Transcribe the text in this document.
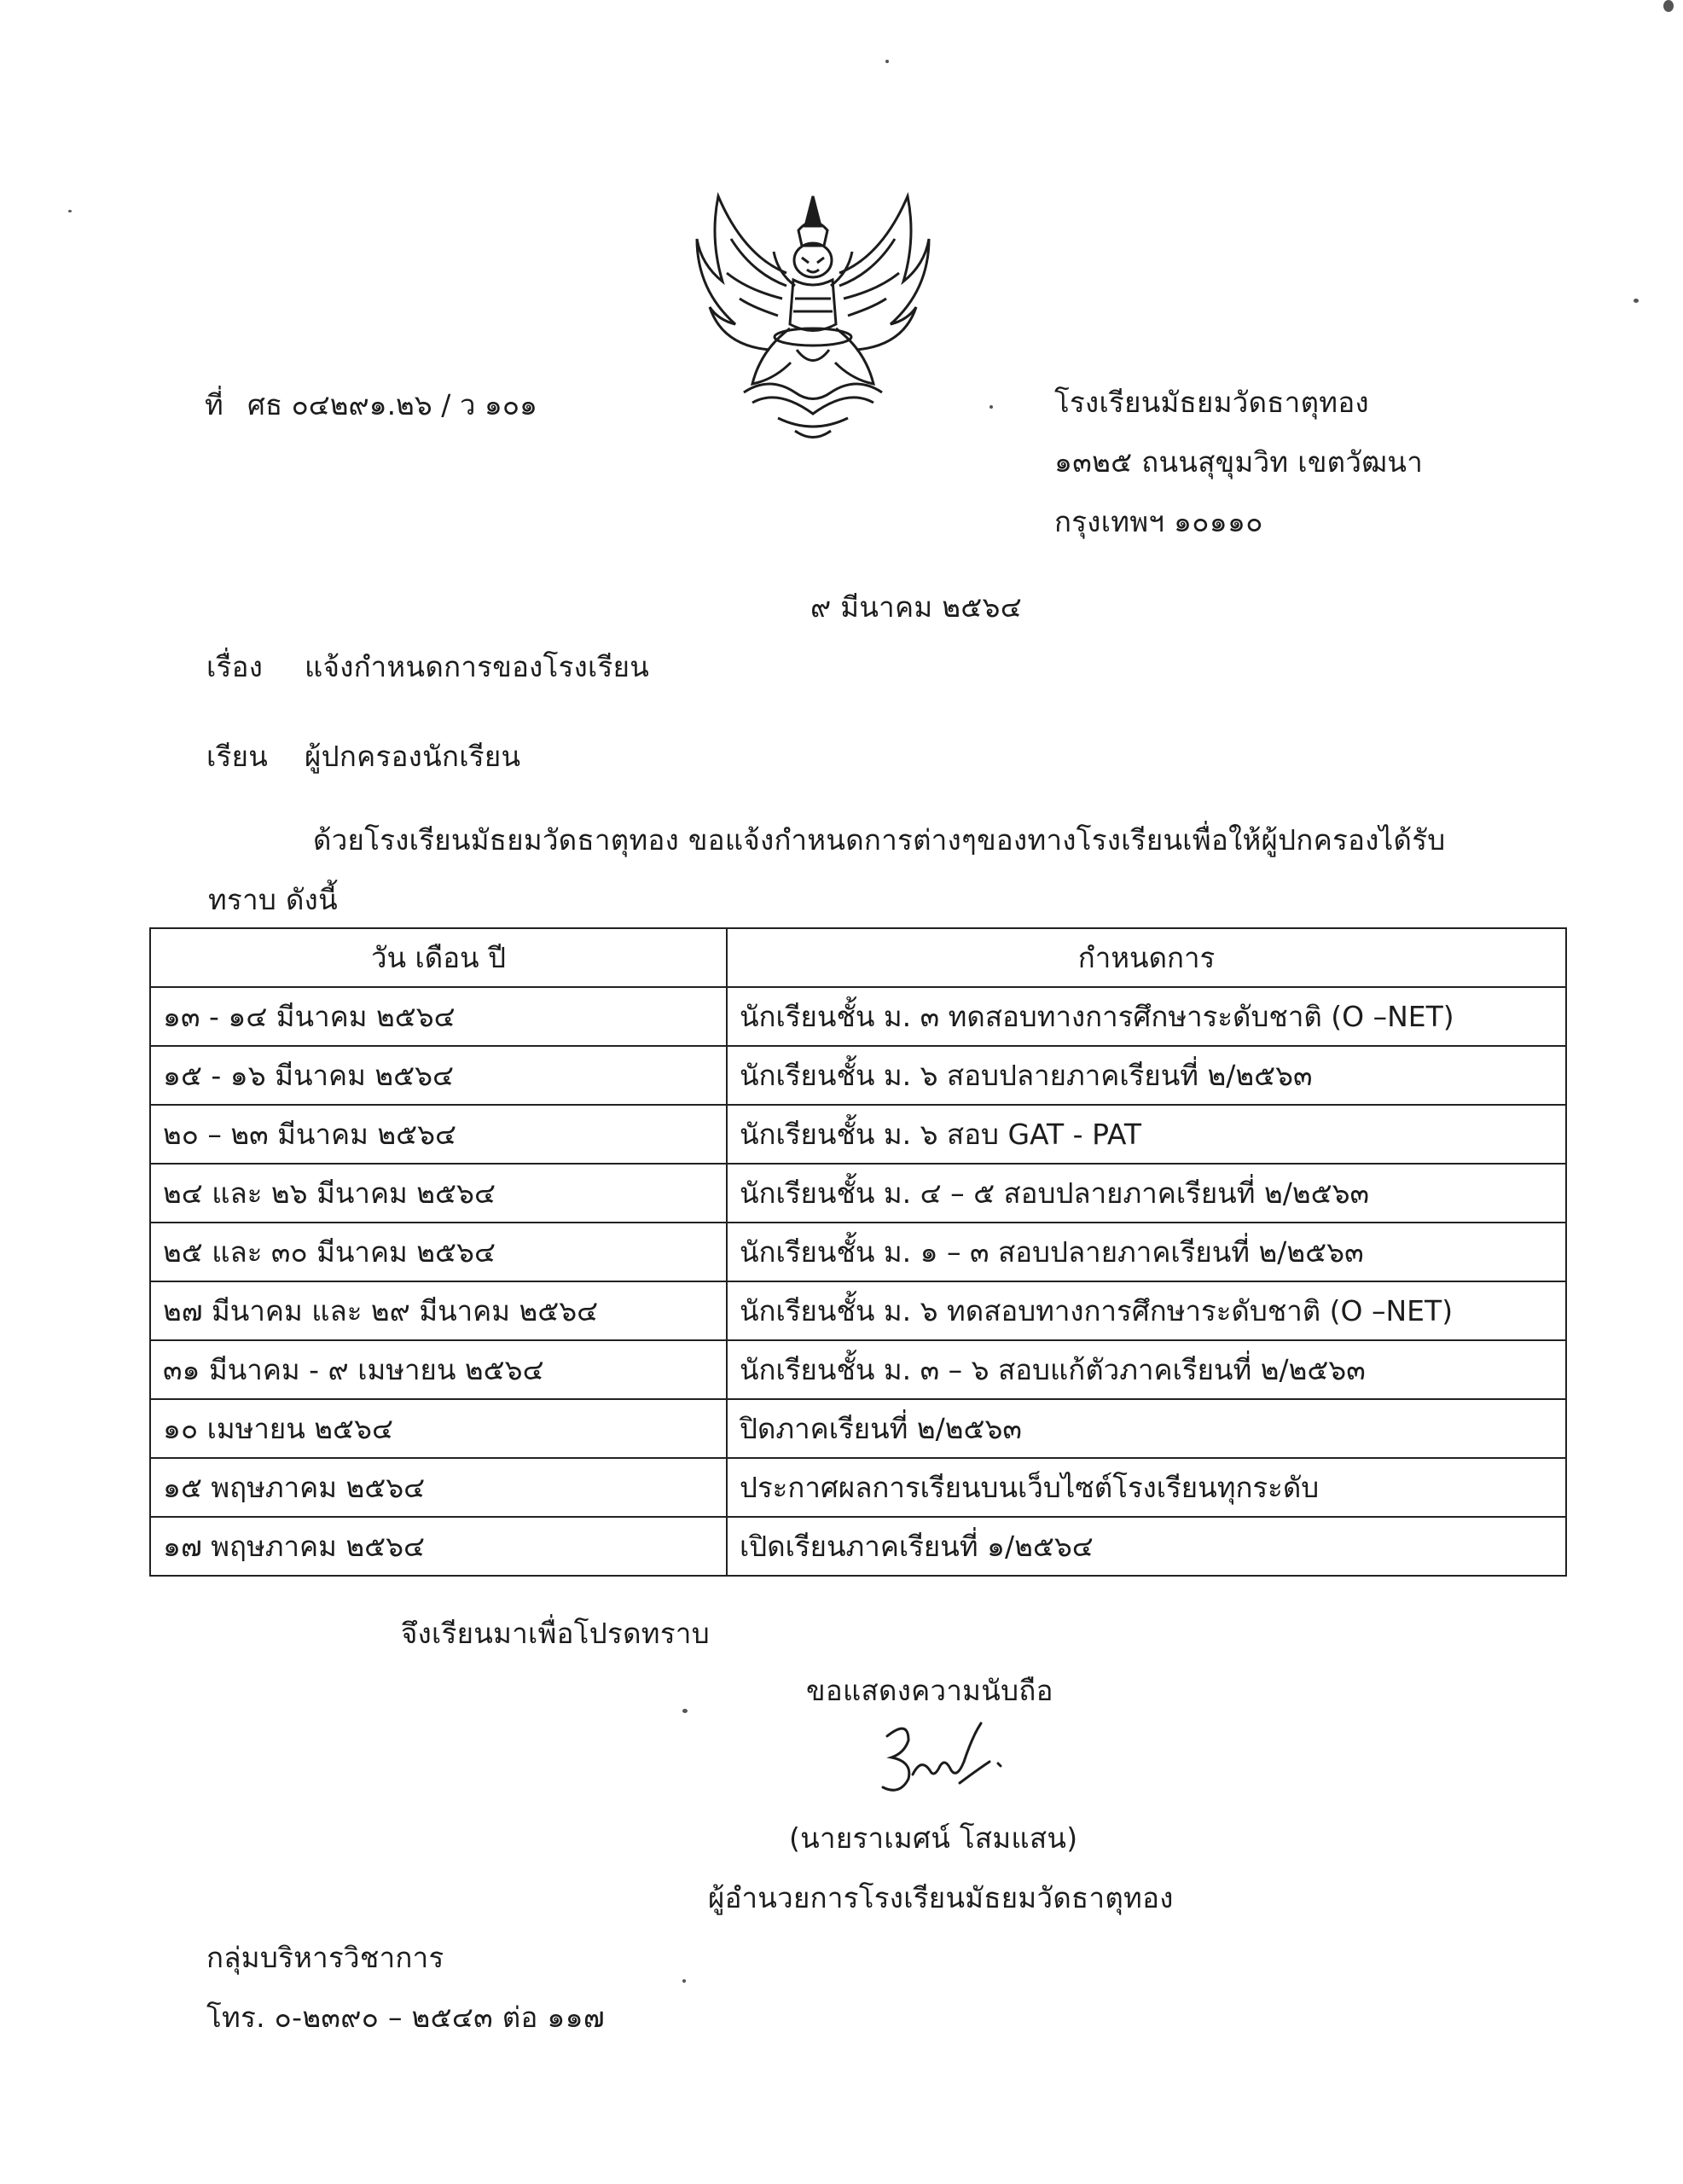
ที่ ศธ ๐๔๒๙๑.๒๖ / ว ๑๐๑	โรงเรียนมัธยมวัดธาตุทอง
๑๓๒๕ ถนนสุขุมวิท เขตวัฒนา
กรุงเทพฯ ๑๐๑๑๐
๙ มีนาคม ๒๕๖๔
เรื่อง แจ้งกำหนดการของโรงเรียน
เรียน ผู้ปกครองนักเรียน
ด้วยโรงเรียนมัธยมวัดธาตุทอง ขอแจ้งกำหนดการต่างๆของทางโรงเรียนเพื่อให้ผู้ปกครองได้รับ
ทราบ ดังนี้
วัน เดือน ปี	กำหนดการ
๑๓ - ๑๔ มีนาคม ๒๕๖๔	นักเรียนชั้น ม. ๓ ทดสอบทางการศึกษาระดับชาติ (O –NET)
๑๕ - ๑๖ มีนาคม ๒๕๖๔	นักเรียนชั้น ม. ๖ สอบปลายภาคเรียนที่ ๒/๒๕๖๓
๒๐ – ๒๓ มีนาคม ๒๕๖๔	นักเรียนชั้น ม. ๖ สอบ GAT - PAT
๒๔ และ ๒๖ มีนาคม ๒๕๖๔	นักเรียนชั้น ม. ๔ – ๕ สอบปลายภาคเรียนที่ ๒/๒๕๖๓
๒๕ และ ๓๐ มีนาคม ๒๕๖๔	นักเรียนชั้น ม. ๑ – ๓ สอบปลายภาคเรียนที่ ๒/๒๕๖๓
๒๗ มีนาคม และ ๒๙ มีนาคม ๒๕๖๔	นักเรียนชั้น ม. ๖ ทดสอบทางการศึกษาระดับชาติ (O –NET)
๓๑ มีนาคม - ๙ เมษายน ๒๕๖๔	นักเรียนชั้น ม. ๓ – ๖ สอบแก้ตัวภาคเรียนที่ ๒/๒๕๖๓
๑๐ เมษายน ๒๕๖๔	ปิดภาคเรียนที่ ๒/๒๕๖๓
๑๕ พฤษภาคม ๒๕๖๔	ประกาศผลการเรียนบนเว็บไซต์โรงเรียนทุกระดับ
๑๗ พฤษภาคม ๒๕๖๔	เปิดเรียนภาคเรียนที่ ๑/๒๕๖๔
จึงเรียนมาเพื่อโปรดทราบ
ขอแสดงความนับถือ
(นายราเมศน์ โสมแสน)
ผู้อำนวยการโรงเรียนมัธยมวัดธาตุทอง
กลุ่มบริหารวิชาการ
โทร. ๐-๒๓๙๐ – ๒๕๔๓ ต่อ ๑๑๗
